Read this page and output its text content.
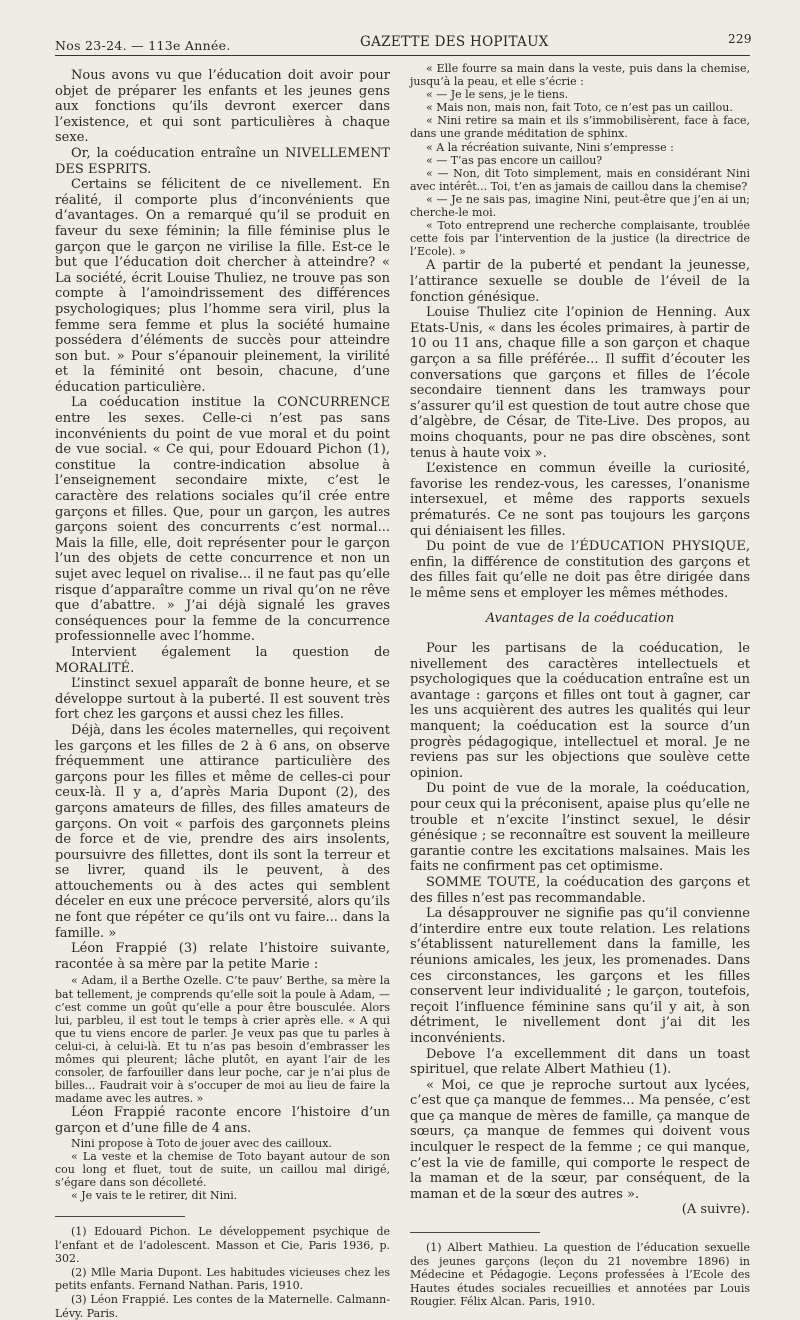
Nos 23-24. — 113e Année.	GAZETTE DES HOPITAUX	229

Nous avons vu que l’éducation doit avoir pour objet de préparer les enfants et les jeunes gens aux fonctions qu’ils devront exercer dans l’existence, et qui sont particulières à chaque sexe.

Or, la coéducation entraîne un NIVELLEMENT DES ESPRITS.

Certains se félicitent de ce nivellement. En réalité, il comporte plus d’inconvénients que d’avantages. On a remarqué qu’il se produit en faveur du sexe féminin; la fille féminise plus le garçon que le garçon ne virilise la fille. Est-ce le but que l’éducation doit chercher à atteindre? « La société, écrit Louise Thuliez, ne trouve pas son compte à l’amoindrissement des différences psychologiques; plus l’homme sera viril, plus la femme sera femme et plus la société humaine possédera d’éléments de succès pour atteindre son but. » Pour s’épanouir pleinement, la virilité et la féminité ont besoin, chacune, d’une éducation particulière.

La coéducation institue la CONCURRENCE entre les sexes. Celle-ci n’est pas sans inconvénients du point de vue moral et du point de vue social. « Ce qui, pour Edouard Pichon (1), constitue la contre-indication absolue à l’enseignement secondaire mixte, c’est le caractère des relations sociales qu’il crée entre garçons et filles. Que, pour un garçon, les autres garçons soient des concurrents c’est normal... Mais la fille, elle, doit représenter pour le garçon l’un des objets de cette concurrence et non un sujet avec lequel on rivalise... il ne faut pas qu’elle risque d’apparaître comme un rival qu’on ne rêve que d’abattre. » J’ai déjà signalé les graves conséquences pour la femme de la concurrence professionnelle avec l’homme.

Intervient également la question de MORALITÉ.

L’instinct sexuel apparaît de bonne heure, et se développe surtout à la puberté. Il est souvent très fort chez les garçons et aussi chez les filles.

Déjà, dans les écoles maternelles, qui reçoivent les garçons et les filles de 2 à 6 ans, on observe fréquemment une attirance particulière des garçons pour les filles et même de celles-ci pour ceux-là. Il y a, d’après Maria Dupont (2), des garçons amateurs de filles, des filles amateurs de garçons. On voit « parfois des garçonnets pleins de force et de vie, prendre des airs insolents, poursuivre des fillettes, dont ils sont la terreur et se livrer, quand ils le peuvent, à des attouchements ou à des actes qui semblent déceler en eux une précoce perversité, alors qu’ils ne font que répéter ce qu’ils ont vu faire... dans la famille. »

Léon Frappié (3) relate l’histoire suivante, racontée à sa mère par la petite Marie :

« Adam, il a Berthe Ozelle. C’te pauv’ Berthe, sa mère la bat tellement, je comprends qu’elle soit la poule à Adam, — c’est comme un goût qu’elle a pour être bousculée. Alors lui, parbleu, il est tout le temps à crier après elle. « A qui que tu viens encore de parler. Je veux pas que tu parles à celui-ci, à celui-là. Et tu n’as pas besoin d’embrasser les mômes qui pleurent; lâche plutôt, en ayant l’air de les consoler, de farfouiller dans leur poche, car je n’ai plus de billes... Faudrait voir à s’occuper de moi au lieu de faire la madame avec les autres. »

Léon Frappié raconte encore l’histoire d’un garçon et d’une fille de 4 ans.

Nini propose à Toto de jouer avec des cailloux.

« La veste et la chemise de Toto bayant autour de son cou long et fluet, tout de suite, un caillou mal dirigé, s’égare dans son décolleté.

« Je vais te le retirer, dit Nini.

(1) Edouard Pichon. Le développement psychique de l’enfant et de l’adolescent. Masson et Cie, Paris 1936, p. 302.

(2) Mlle Maria Dupont. Les habitudes vicieuses chez les petits enfants. Fernand Nathan. Paris, 1910.

(3) Léon Frappié. Les contes de la Maternelle. Calmann-Lévy. Paris.

« Elle fourre sa main dans la veste, puis dans la chemise, jusqu’à la peau, et elle s’écrie :

« — Je le sens, je le tiens.

« Mais non, mais non, fait Toto, ce n’est pas un caillou.

« Nini retire sa main et ils s’immobilisèrent, face à face, dans une grande méditation de sphinx.

« A la récréation suivante, Nini s’empresse :

« — T’as pas encore un caillou?

« — Non, dit Toto simplement, mais en considérant Nini avec intérêt... Toi, t’en as jamais de caillou dans la chemise?

« — Je ne sais pas, imagine Nini, peut-être que j’en ai un; cherche-le moi.

« Toto entreprend une recherche complaisante, troublée cette fois par l’intervention de la justice (la directrice de l’Ecole). »

A partir de la puberté et pendant la jeunesse, l’attirance sexuelle se double de l’éveil de la fonction génésique.

Louise Thuliez cite l’opinion de Henning. Aux Etats-Unis, « dans les écoles primaires, à partir de 10 ou 11 ans, chaque fille a son garçon et chaque garçon a sa fille préférée... Il suffit d’écouter les conversations que garçons et filles de l’école secondaire tiennent dans les tramways pour s’assurer qu’il est question de tout autre chose que d’algèbre, de César, de Tite-Live. Des propos, au moins choquants, pour ne pas dire obscènes, sont tenus à haute voix ».

L’existence en commun éveille la curiosité, favorise les rendez-vous, les caresses, l’onanisme intersexuel, et même des rapports sexuels prématurés. Ce ne sont pas toujours les garçons qui déniaisent les filles.

Du point de vue de l’ÉDUCATION PHYSIQUE, enfin, la différence de constitution des garçons et des filles fait qu’elle ne doit pas être dirigée dans le même sens et employer les mêmes méthodes.

Avantages de la coéducation

Pour les partisans de la coéducation, le nivellement des caractères intellectuels et psychologiques que la coéducation entraîne est un avantage : garçons et filles ont tout à gagner, car les uns acquièrent des autres les qualités qui leur manquent; la coéducation est la source d’un progrès pédagogique, intellectuel et moral. Je ne reviens pas sur les objections que soulève cette opinion.

Du point de vue de la morale, la coéducation, pour ceux qui la préconisent, apaise plus qu’elle ne trouble et n’excite l’instinct sexuel, le désir génésique ; se reconnaître est souvent la meilleure garantie contre les excitations malsaines. Mais les faits ne confirment pas cet optimisme.

SOMME TOUTE, la coéducation des garçons et des filles n’est pas recommandable.

La désapprouver ne signifie pas qu’il convienne d’interdire entre eux toute relation. Les relations s’établissent naturellement dans la famille, les réunions amicales, les jeux, les promenades. Dans ces circonstances, les garçons et les filles conservent leur individualité ; le garçon, toutefois, reçoit l’influence féminine sans qu’il y ait, à son détriment, le nivellement dont j’ai dit les inconvénients.

Debove l’a excellemment dit dans un toast spirituel, que relate Albert Mathieu (1).

« Moi, ce que je reproche surtout aux lycées, c’est que ça manque de femmes... Ma pensée, c’est que ça manque de mères de famille, ça manque de sœurs, ça manque de femmes qui doivent vous inculquer le respect de la femme ; ce qui manque, c’est la vie de famille, qui comporte le respect de la maman et de la sœur, par conséquent, de la maman et de la sœur des autres ».

(A suivre).

(1) Albert Mathieu. La question de l’éducation sexuelle des jeunes garçons (leçon du 21 novembre 1896) in Médecine et Pédagogie. Leçons professées à l’Ecole des Hautes études sociales recueillies et annotées par Louis Rougier. Félix Alcan. Paris, 1910.
